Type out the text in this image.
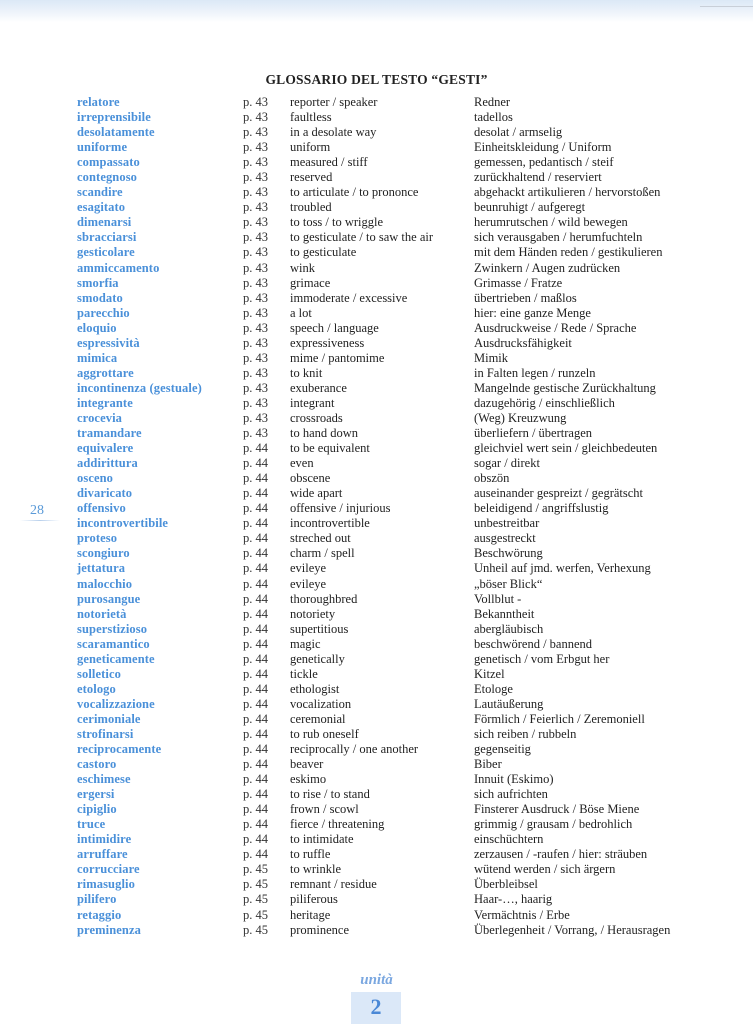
GLOSSARIO DEL TESTO “GESTI”
relatore	p. 43 reporter / speaker	Redner
irreprensibile	p. 43 faultless	tadellos
desolatamente	p. 43 in a desolate way	desolat / armselig
uniforme	p. 43 uniform	Einheitskleidung / Uniform
compassato	p. 43 measured / stiff	gemessen, pedantisch / steif
contegnoso	p. 43 reserved	zurückhaltend / reserviert
scandire	p. 43 to articulate / to prononce	abgehackt artikulieren / hervorstoßen
esagitato	p. 43 troubled	beunruhigt / aufgeregt
dimenarsi	p. 43 to toss / to wriggle	herumrutschen / wild bewegen
sbracciarsi	p. 43 to gesticulate / to saw the air	sich verausgaben / herumfuchteln
gesticolare	p. 43 to gesticulate	mit dem Händen reden / gestikulieren
ammiccamento	p. 43 wink	Zwinkern / Augen zudrücken
smorfia	p. 43 grimace	Grimasse / Fratze
smodato	p. 43 immoderate / excessive	übertrieben / maßlos
parecchio	p. 43 a lot	hier: eine ganze Menge
eloquio	p. 43 speech / language	Ausdruckweise / Rede / Sprache
espressività	p. 43 expressiveness	Ausdrucksfähigkeit
mimica	p. 43 mime / pantomime	Mimik
aggrottare	p. 43 to knit	in Falten legen / runzeln
incontinenza (gestuale)	p. 43 exuberance	Mangelnde gestische Zurückhaltung
integrante	p. 43 integrant	dazugehörig / einschließlich
crocevia	p. 43 crossroads	(Weg) Kreuzwung
tramandare	p. 43 to hand down	überliefern / übertragen
equivalere	p. 44 to be equivalent	gleichviel wert sein / gleichbedeuten
addirittura	p. 44 even	sogar / direkt
osceno	p. 44 obscene	obszön
divaricato	p. 44 wide apart	auseinander gespreizt / gegrätscht
offensivo	p. 44 offensive / injurious	beleidigend / angriffslustig
incontrovertibile	p. 44 incontrovertible	unbestreitbar
proteso	p. 44 streched out	ausgestreckt
scongiuro	p. 44 charm / spell	Beschwörung
jettatura	p. 44 evileye	Unheil auf jmd. werfen, Verhexung
malocchio	p. 44 evileye	„böser Blick“
purosangue	p. 44 thoroughbred	Vollblut -
notorietà	p. 44 notoriety	Bekanntheit
superstizioso	p. 44 supertitious	abergläubisch
scaramantico	p. 44 magic	beschwörend / bannend
geneticamente	p. 44 genetically	genetisch / vom Erbgut her
solletico	p. 44 tickle	Kitzel
etologo	p. 44 ethologist	Etologe
vocalizzazione	p. 44 vocalization	Lautäußerung
cerimoniale	p. 44 ceremonial	Förmlich / Feierlich / Zeremoniell
strofinarsi	p. 44 to rub oneself	sich reiben / rubbeln
reciprocamente	p. 44 reciprocally / one another	gegenseitig
castoro	p. 44 beaver	Biber
eschimese	p. 44 eskimo	Innuit (Eskimo)
ergersi	p. 44 to rise / to stand	sich aufrichten
cipiglio	p. 44 frown / scowl	Finsterer Ausdruck / Böse Miene
truce	p. 44 fierce / threatening	grimmig / grausam / bedrohlich
intimidire	p. 44 to intimidate	einschüchtern
arruffare	p. 44 to ruffle	zerzausen / -raufen / hier: sträuben
corrucciare	p. 45 to wrinkle	wütend werden / sich ärgern
rimasuglio	p. 45 remnant / residue	Überbleibsel
pilifero	p. 45 piliferous	Haar-…, haarig
retaggio	p. 45 heritage	Vermächtnis / Erbe
preminenza	p. 45 prominence	Überlegenheit / Vorrang, / Herausragen
28
unità
2
